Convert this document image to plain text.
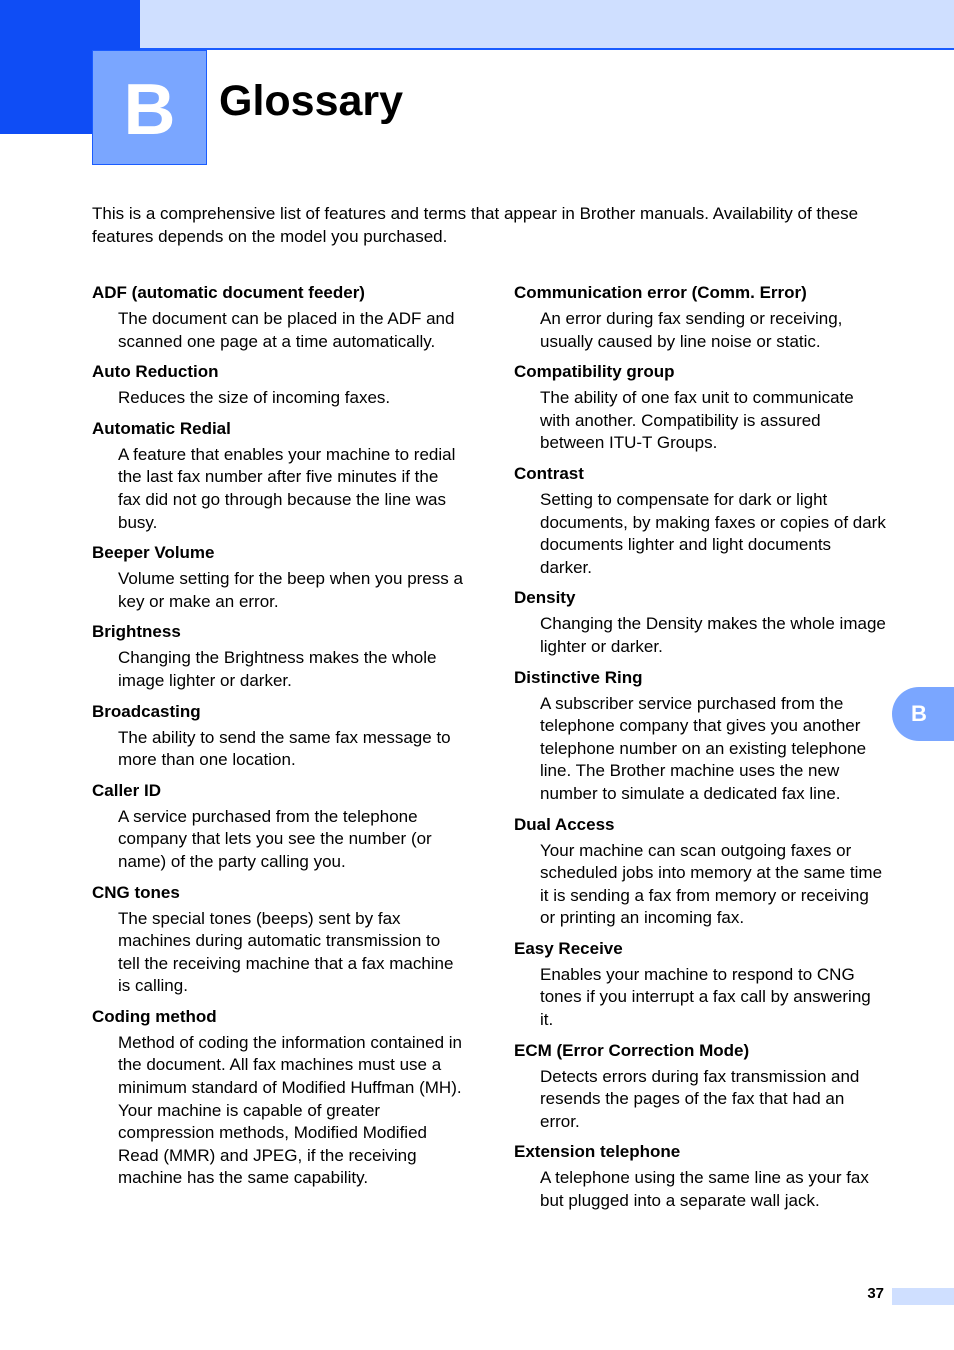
B Glossary

This is a comprehensive list of features and terms that appear in Brother manuals. Availability of these features depends on the model you purchased.

ADF (automatic document feeder)

The document can be placed in the ADF and scanned one page at a time automatically.

Auto Reduction

Reduces the size of incoming faxes.

Automatic Redial

A feature that enables your machine to redial the last fax number after five minutes if the fax did not go through because the line was busy.

Beeper Volume

Volume setting for the beep when you press a key or make an error.

Brightness

Changing the Brightness makes the whole image lighter or darker.

Broadcasting

The ability to send the same fax message to more than one location.

Caller ID

A service purchased from the telephone company that lets you see the number (or name) of the party calling you.

CNG tones

The special tones (beeps) sent by fax machines during automatic transmission to tell the receiving machine that a fax machine is calling.

Coding method

Method of coding the information contained in the document. All fax machines must use a minimum standard of Modified Huffman (MH). Your machine is capable of greater compression methods, Modified Modified Read (MMR) and JPEG, if the receiving machine has the same capability.

Communication error (Comm. Error)

An error during fax sending or receiving, usually caused by line noise or static.

Compatibility group

The ability of one fax unit to communicate with another. Compatibility is assured between ITU-T Groups.

Contrast

Setting to compensate for dark or light documents, by making faxes or copies of dark documents lighter and light documents darker.

Density

Changing the Density makes the whole image lighter or darker.

Distinctive Ring

A subscriber service purchased from the telephone company that gives you another telephone number on an existing telephone line. The Brother machine uses the new number to simulate a dedicated fax line.

Dual Access

Your machine can scan outgoing faxes or scheduled jobs into memory at the same time it is sending a fax from memory or receiving or printing an incoming fax.

Easy Receive

Enables your machine to respond to CNG tones if you interrupt a fax call by answering it.

ECM (Error Correction Mode)

Detects errors during fax transmission and resends the pages of the fax that had an error.

Extension telephone

A telephone using the same line as your fax but plugged into a separate wall jack.

B
37
